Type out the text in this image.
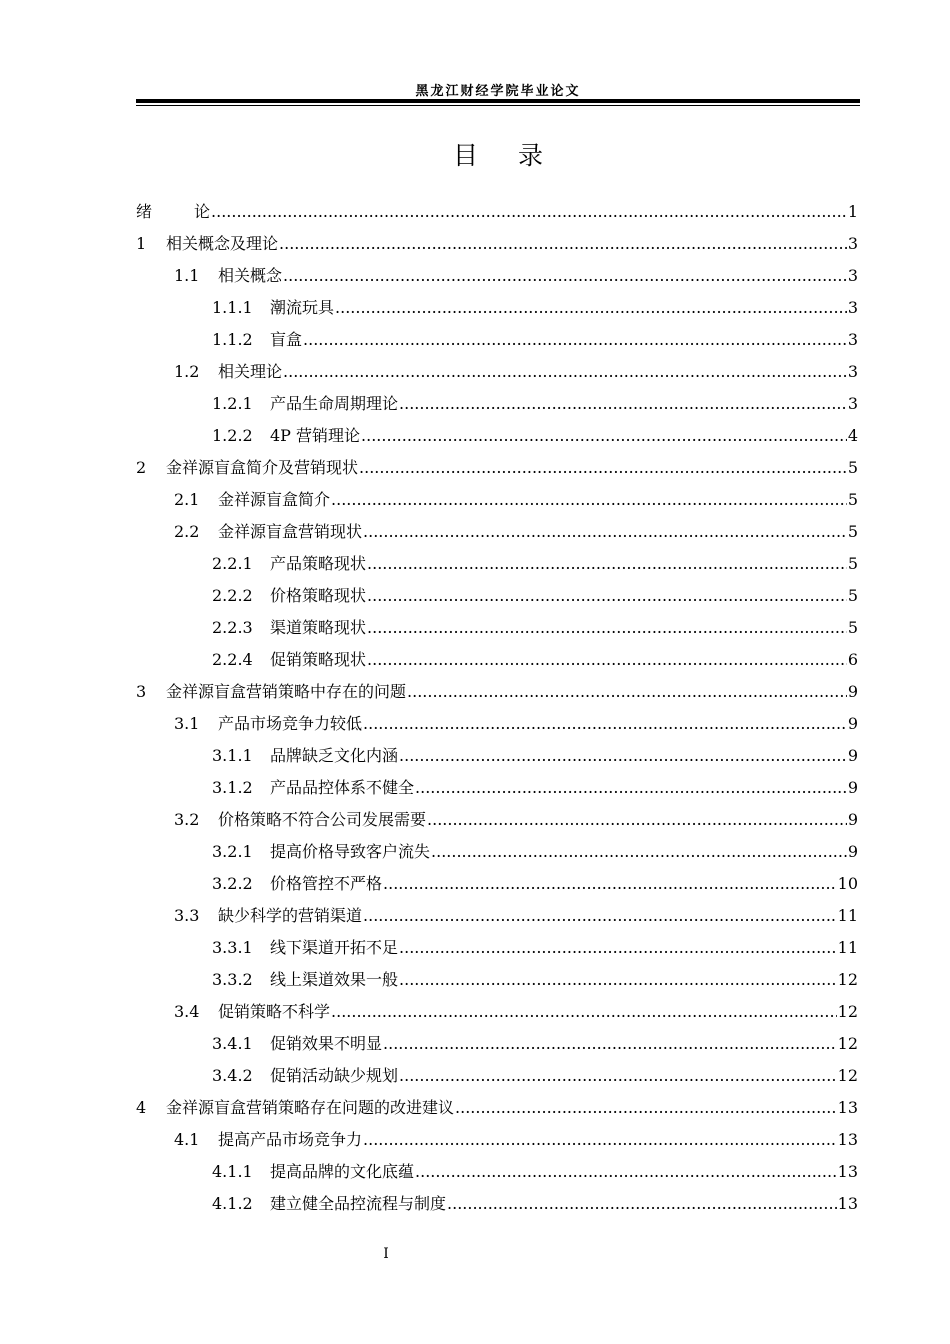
黑龙江财经学院毕业论文
目录
绪	论 .....	1
1	相关概念及理论 .....	3
1.1	相关概念 .....	3
1.1.1	潮流玩具 .....	3
1.1.2	盲盒 .....	3
1.2	相关理论 .....	3
1.2.1	产品生命周期理论 .....	3
1.2.2	4P 营销理论 .....	4
2	金祥源盲盒简介及营销现状 .....	5
2.1	金祥源盲盒简介 .....	5
2.2	金祥源盲盒营销现状 .....	5
2.2.1	产品策略现状 .....	5
2.2.2	价格策略现状 .....	5
2.2.3	渠道策略现状 .....	5
2.2.4	促销策略现状 .....	6
3	金祥源盲盒营销策略中存在的问题 .....	9
3.1	产品市场竞争力较低 .....	9
3.1.1	品牌缺乏文化内涵 .....	9
3.1.2	产品品控体系不健全 .....	9
3.2	价格策略不符合公司发展需要 .....	9
3.2.1	提高价格导致客户流失 .....	9
3.2.2	价格管控不严格 .....	10
3.3	缺少科学的营销渠道 .....	11
3.3.1	线下渠道开拓不足 .....	11
3.3.2	线上渠道效果一般 .....	12
3.4	促销策略不科学 .....	12
3.4.1	促销效果不明显 .....	12
3.4.2	促销活动缺少规划 .....	12
4	金祥源盲盒营销策略存在问题的改进建议 .....	13
4.1	提高产品市场竞争力 .....	13
4.1.1	提高品牌的文化底蕴 .....	13
4.1.2	建立健全品控流程与制度 .....	13
I
